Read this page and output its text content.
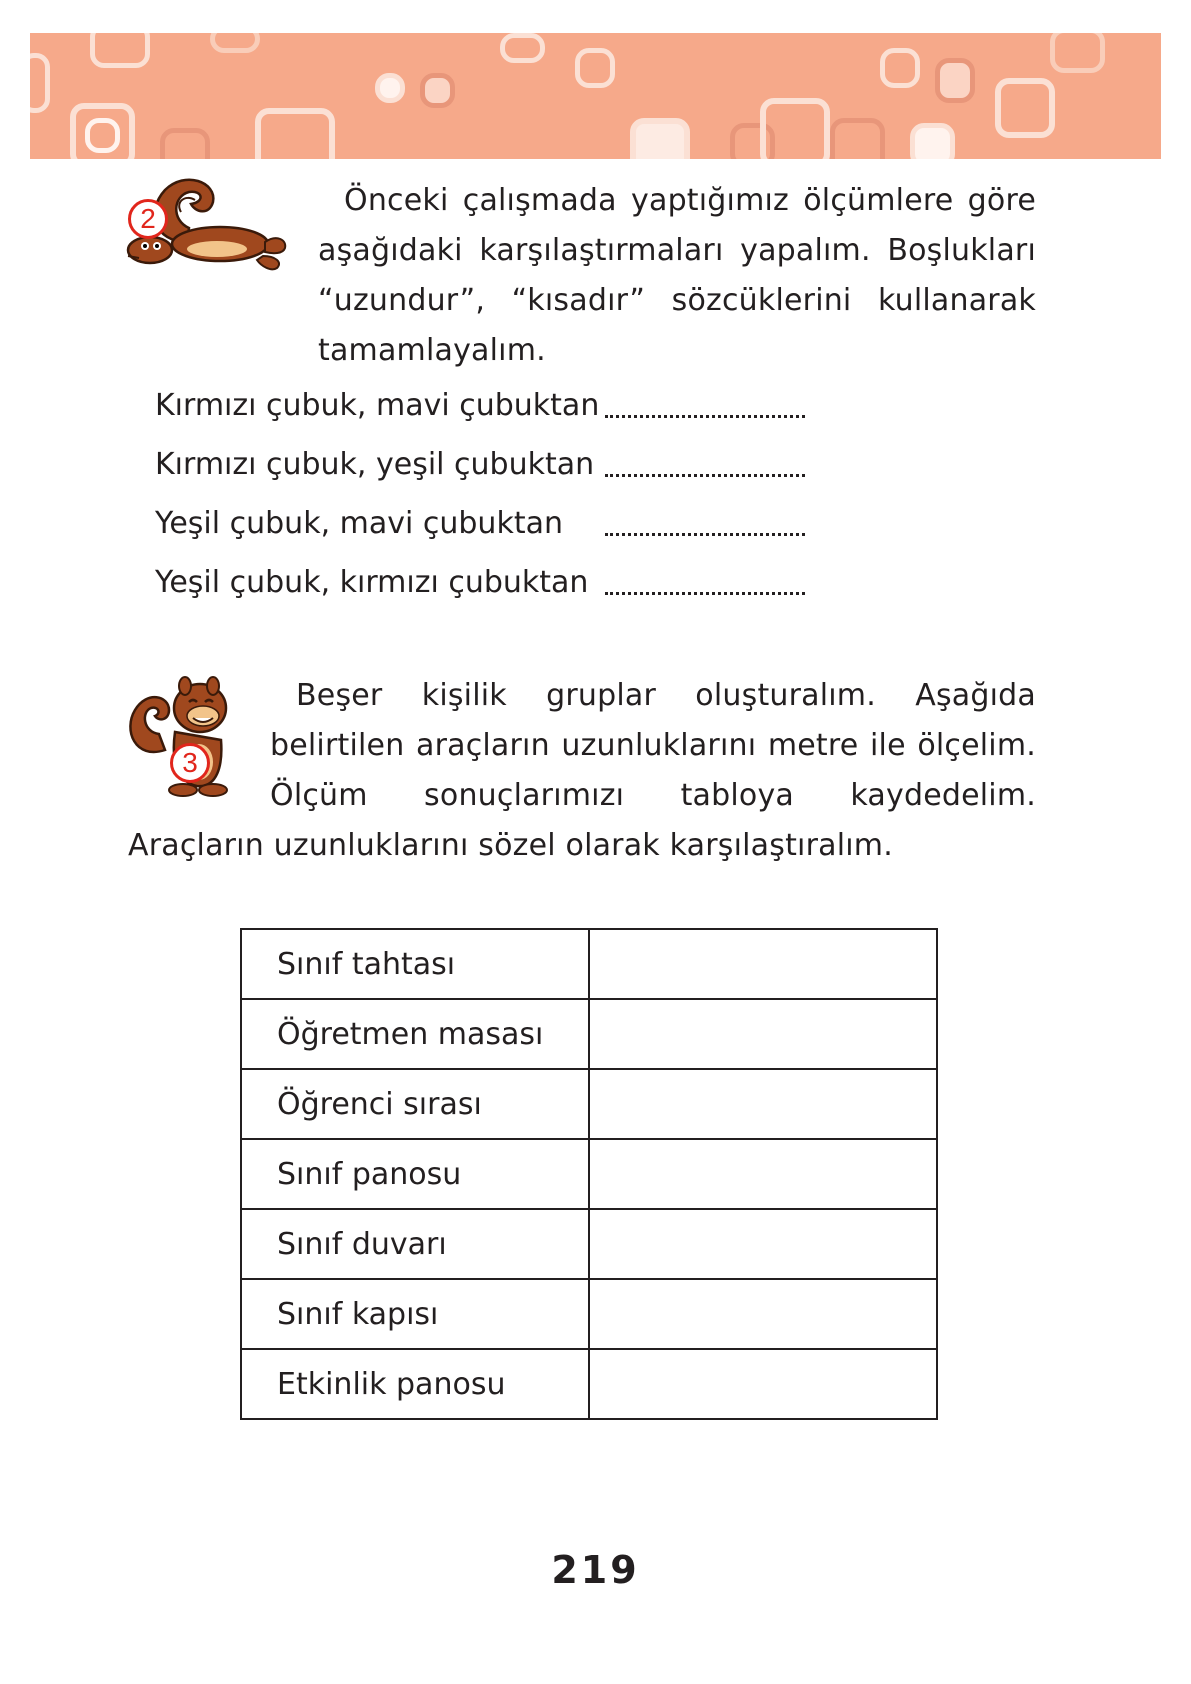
2

Önceki çalışmada yaptığımız ölçümlere göre aşağıdaki karşılaştırmaları yapalım. Boşlukları “uzundur”, “kısadır” sözcüklerini kullanarak tamamlayalım.

Kırmızı çubuk, mavi çubuktan
Kırmızı çubuk, yeşil çubuktan
Yeşil çubuk, mavi çubuktan
Yeşil çubuk, kırmızı çubuktan
3

Beşer kişilik gruplar oluşturalım. Aşağıda belirtilen araçların uzunluklarını metre ile ölçelim. Ölçüm sonuçlarımızı tabloya kaydedelim. Araçların uzunluklarını sözel olarak karşılaştıralım.

Sınıf tahtası	
Öğretmen masası	
Öğrenci sırası	
Sınıf panosu	
Sınıf duvarı	
Sınıf kapısı	
Etkinlik panosu	
219
